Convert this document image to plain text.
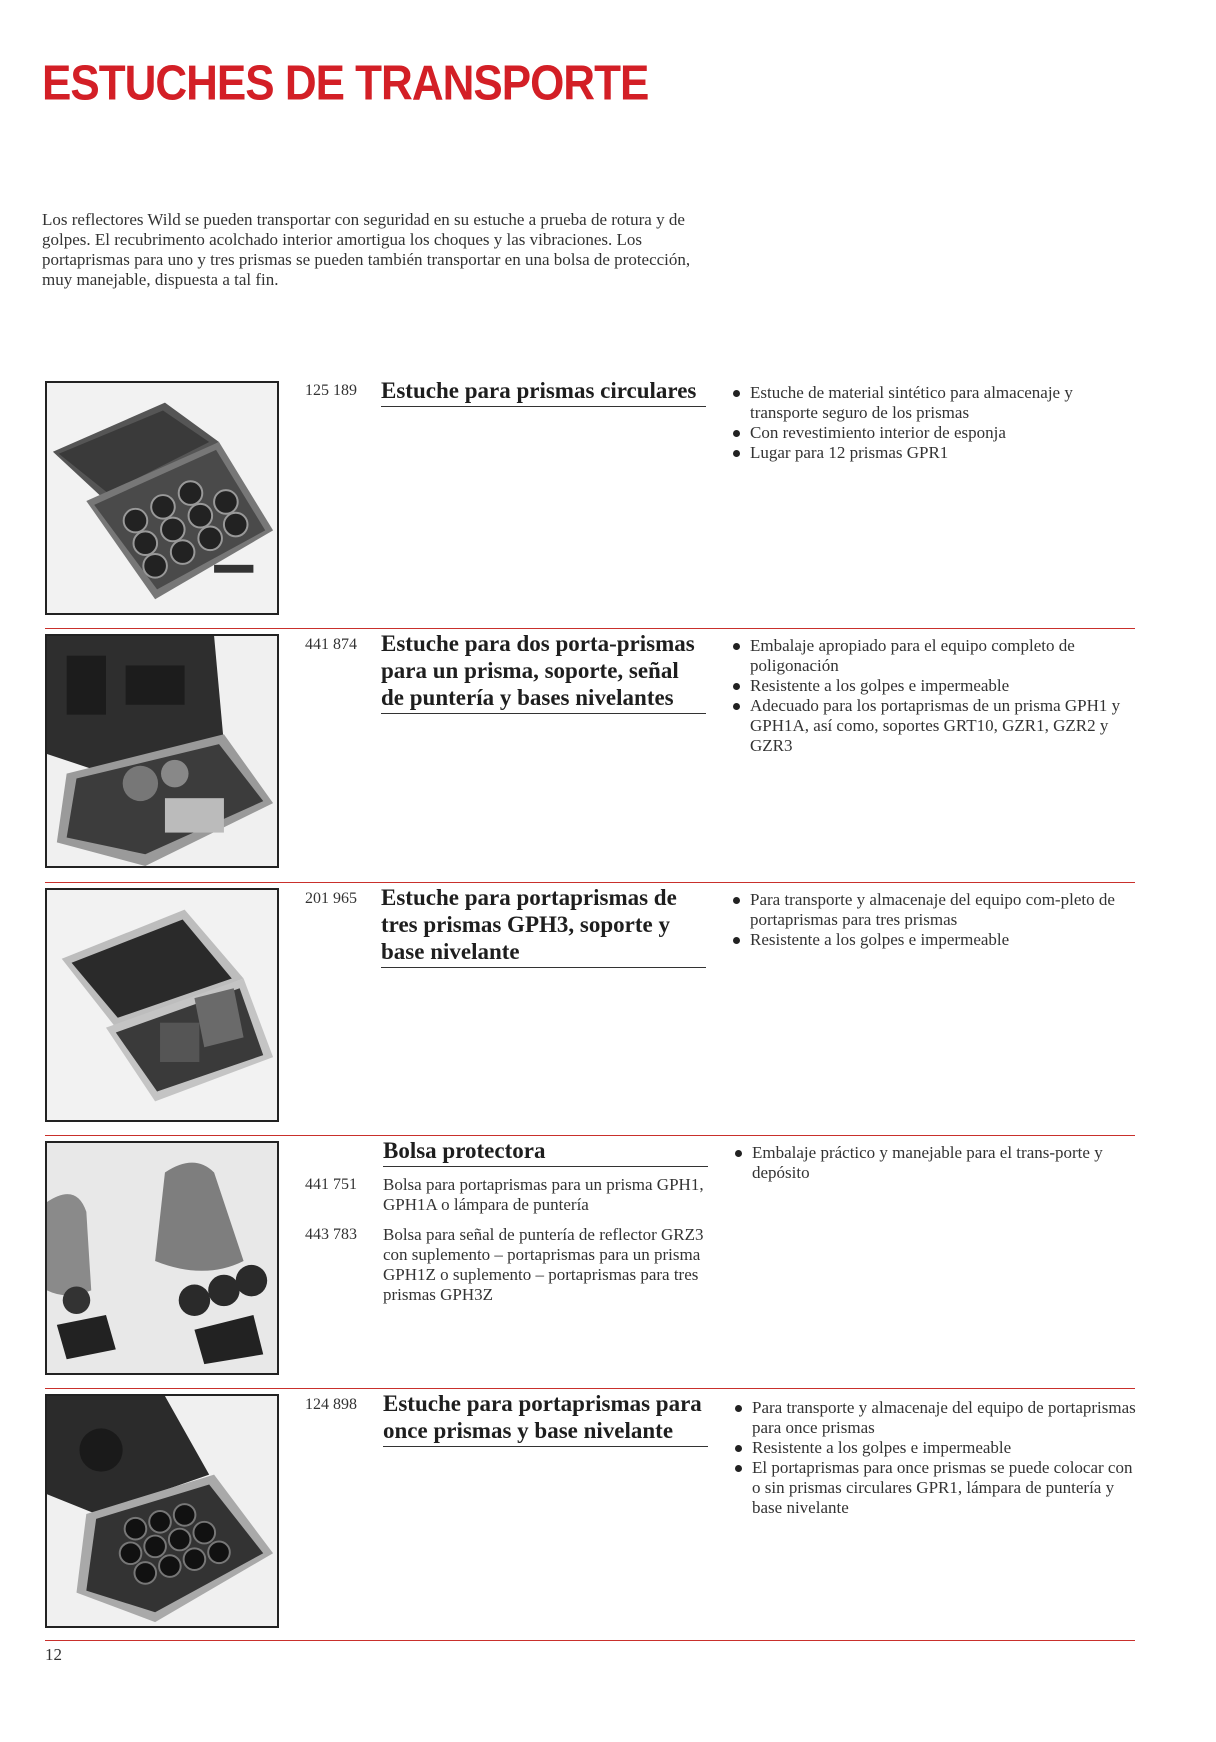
ESTUCHES DE TRANSPORTE

Los reflectores Wild se pueden transportar con seguridad en su estuche a prueba de rotura y de golpes. El recubrimento acolchado interior amortigua los choques y las vibraciones. Los portaprismas para uno y tres prismas se pueden también transportar en una bolsa de protección, muy manejable, dispuesta a tal fin.

125 189 Estuche para prismas circulares	Estuche de material sintético para almacenaje y transporte seguro de los prismas
Con revestimiento interior de esponja
Lugar para 12 prismas GPR1
441 874 Estuche para dos porta-prismas para un prisma, soporte, señal de puntería y bases nivelantes
Embalaje apropiado para el equipo completo de poligonación
Resistente a los golpes e impermeable
Adecuado para los portaprismas de un prisma GPH1 y GPH1A, así como, soportes GRT10, GZR1, GZR2 y GZR3
201 965 Estuche para portaprismas de tres prismas GPH3, soporte y base nivelante
Para transporte y almacenaje del equipo com-pleto de portaprismas para tres prismas
Resistente a los golpes e impermeable
Bolsa protectora
441 751 Bolsa para portaprismas para un prisma GPH1, GPH1A o lámpara de puntería
443 783 Bolsa para señal de puntería de reflector GRZ3 con suplemento – portaprismas para un prisma GPH1Z o suplemento – portaprismas para tres prismas GPH3Z
Embalaje práctico y manejable para el trans-porte y depósito
124 898 Estuche para portaprismas para once prismas y base nivelante
Para transporte y almacenaje del equipo de portaprismas para once prismas
Resistente a los golpes e impermeable
El portaprismas para once prismas se puede colocar con o sin prismas circulares GPR1, lámpara de puntería y base nivelante
12
